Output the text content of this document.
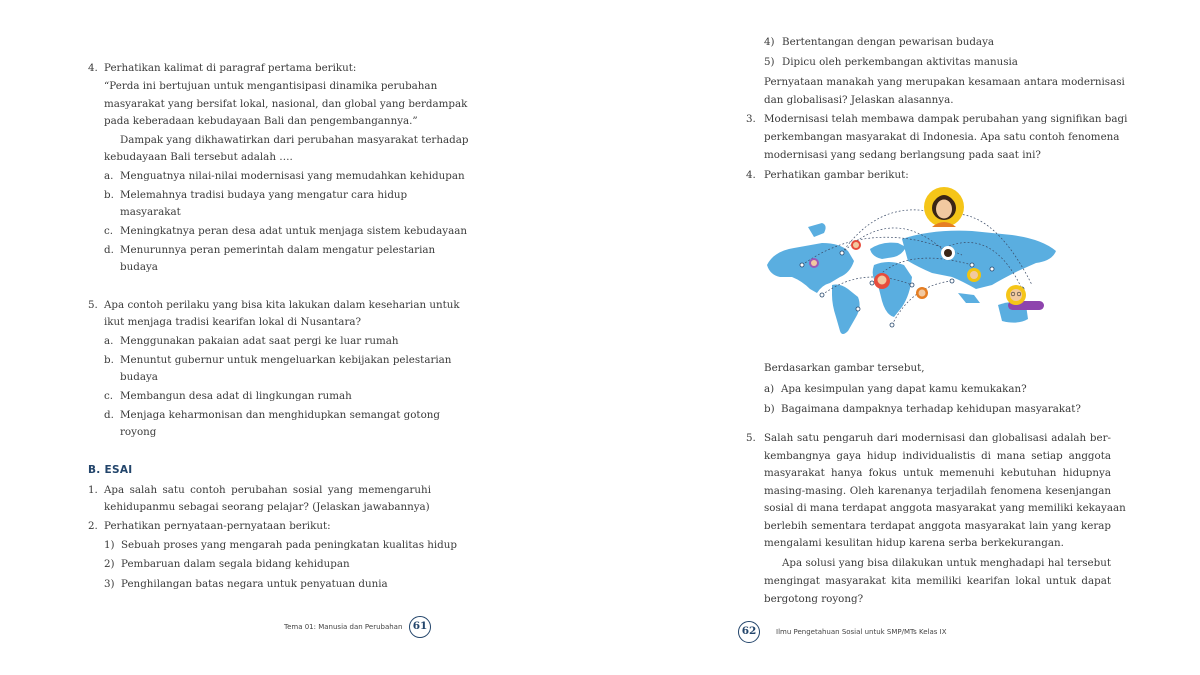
4. Perhatikan kalimat di paragraf pertama berikut:
“Perda ini bertujuan untuk mengantisipasi dinamika perubahan
masyarakat yang bersifat lokal, nasional, dan global yang berdampak
pada keberadaan kebudayaan Bali dan pengembangannya.”
Dampak yang dikhawatirkan dari perubahan masyarakat terhadap
kebudayaan Bali tersebut adalah ….
a. Menguatnya nilai-nilai modernisasi yang memudahkan kehidupan
b. Melemahnya tradisi budaya yang mengatur cara hidup
masyarakat
c. Meningkatnya peran desa adat untuk menjaga sistem kebudayaan
d. Menurunnya peran pemerintah dalam mengatur pelestarian
budaya
5. Apa contoh perilaku yang bisa kita lakukan dalam keseharian untuk
ikut menjaga tradisi kearifan lokal di Nusantara?
a. Menggunakan pakaian adat saat pergi ke luar rumah
b. Menuntut gubernur untuk mengeluarkan kebijakan pelestarian
budaya
c. Membangun desa adat di lingkungan rumah
d. Menjaga keharmonisan dan menghidupkan semangat gotong
royong
B. ESAI
1. Apa salah satu contoh perubahan sosial yang memengaruhi
kehidupanmu sebagai seorang pelajar? (Jelaskan jawabannya)
2. Perhatikan pernyataan-pernyataan berikut:
1) Sebuah proses yang mengarah pada peningkatan kualitas hidup
2) Pembaruan dalam segala bidang kehidupan
3) Penghilangan batas negara untuk penyatuan dunia
Tema 01: Manusia dan Perubahan 61
4) Bertentangan dengan pewarisan budaya
5) Dipicu oleh perkembangan aktivitas manusia
Pernyataan manakah yang merupakan kesamaan antara modernisasi
dan globalisasi? Jelaskan alasannya.
3. Modernisasi telah membawa dampak perubahan yang signifikan bagi
perkembangan masyarakat di Indonesia. Apa satu contoh fenomena
modernisasi yang sedang berlangsung pada saat ini?
4. Perhatikan gambar berikut:
Berdasarkan gambar tersebut,
a) Apa kesimpulan yang dapat kamu kemukakan?
b) Bagaimana dampaknya terhadap kehidupan masyarakat?
5. Salah satu pengaruh dari modernisasi dan globalisasi adalah ber-
kembangnya gaya hidup individualistis di mana setiap anggota
masyarakat hanya fokus untuk memenuhi kebutuhan hidupnya
masing-masing. Oleh karenanya terjadilah fenomena kesenjangan
sosial di mana terdapat anggota masyarakat yang memiliki kekayaan
berlebih sementara terdapat anggota masyarakat lain yang kerap
mengalami kesulitan hidup karena serba berkekurangan.
Apa solusi yang bisa dilakukan untuk menghadapi hal tersebut
mengingat masyarakat kita memiliki kearifan lokal untuk dapat
bergotong royong?
62	Ilmu Pengetahuan Sosial untuk SMP/MTs Kelas IX
